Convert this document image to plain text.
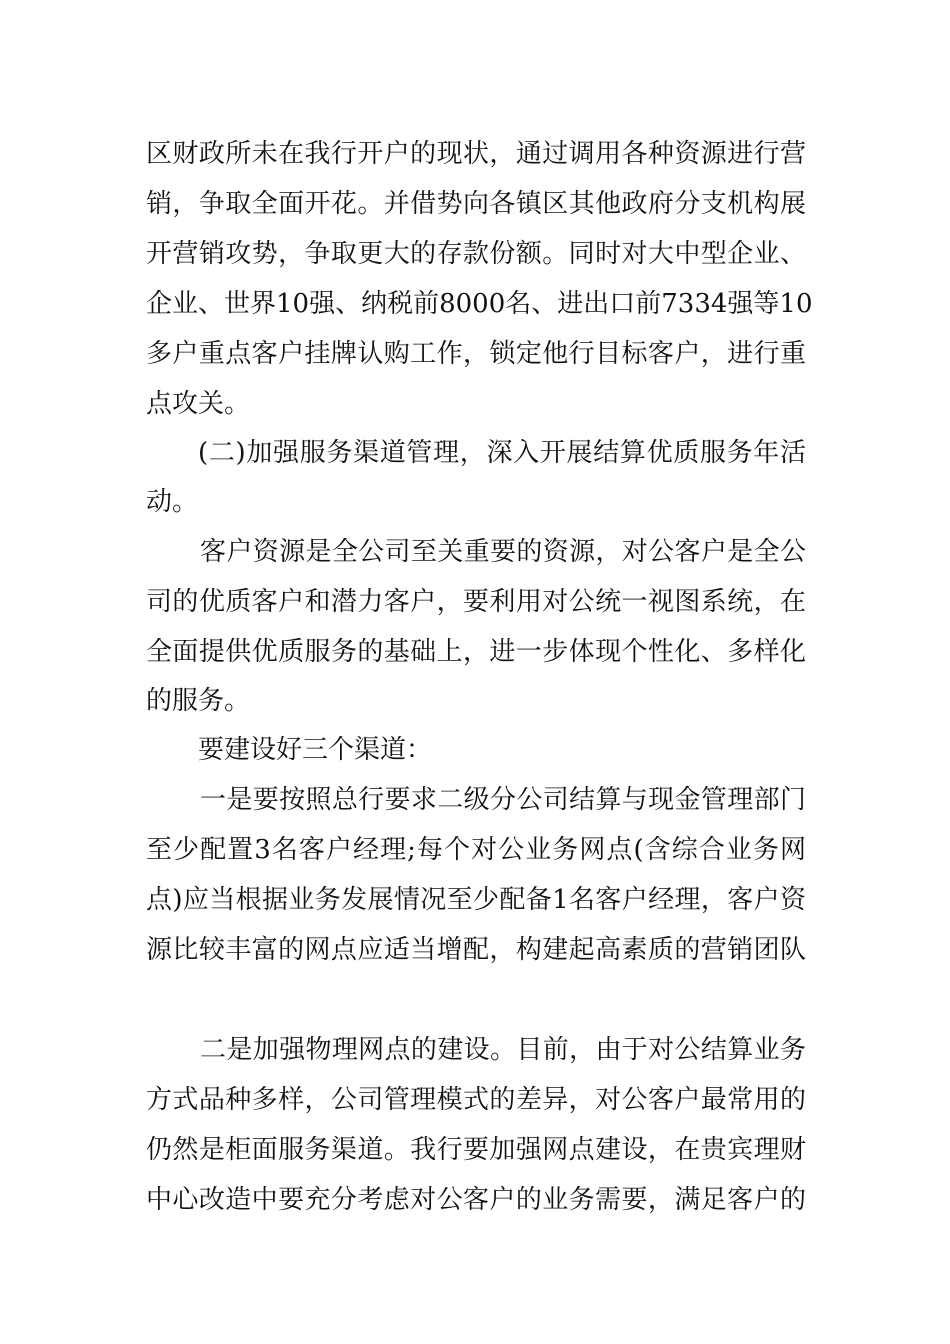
区财政所未在我行开户的现状，通过调用各种资源进行营
销，争取全面开花。并借势向各镇区其他政府分支机构展
开营销攻势，争取更大的存款份额。同时对大中型企业、
企业、世界10强、纳税前8000名、进出口前7334强等10
多户重点客户挂牌认购工作，锁定他行目标客户，进行重
点攻关。
(二)加强服务渠道管理，深入开展结算优质服务年活
动。
客户资源是全公司至关重要的资源，对公客户是全公
司的优质客户和潜力客户，要利用对公统一视图系统，在
全面提供优质服务的基础上，进一步体现个性化、多样化
的服务。
要建设好三个渠道：
一是要按照总行要求二级分公司结算与现金管理部门
至少配置3名客户经理;每个对公业务网点(含综合业务网
点)应当根据业务发展情况至少配备1名客户经理，客户资
源比较丰富的网点应适当增配，构建起高素质的营销团队
二是加强物理网点的建设。目前，由于对公结算业务
方式品种多样，公司管理模式的差异，对公客户最常用的
仍然是柜面服务渠道。我行要加强网点建设，在贵宾理财
中心改造中要充分考虑对公客户的业务需要，满足客户的
